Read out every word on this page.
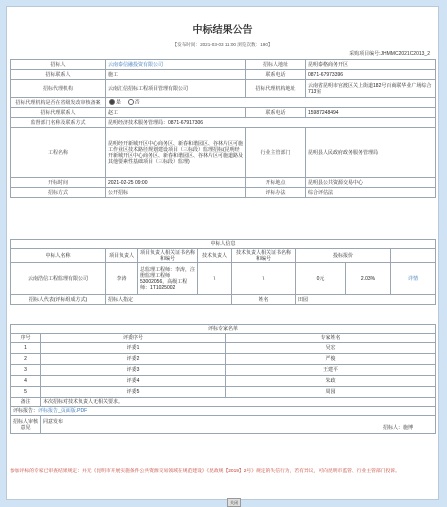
中标结果公告
【发布时间：2021-03-03 11:00 浏览次数：190】
采购项目编号:JHMMC2021C2013_2
招标人	云南泰信融投资有限公司	招标人地址	昆明泰格商务开区
招标联系人	施工	联系电话	0871-67973396
招标代理机构	云南汇信招标工程项目管理有限公司	招标代理机构地址	云南省昆明市官渡区关上街道182号百商联华业广场综合713室
招标代理机构是否在省级发改审核备案	是 否		
招标代理联系人	赵工	联系电话	15987248494
监督部门名称及联系方式	昆明经济技术服务管理局：0871-67917306		
工程名称	昆明经开新城开区中心商务区、新春和谐园区、谷林片区可施工作业区技术路径规划建设项目（三标段）监理招标(昆明经开新城开区中心商务区、新春和谐园区、谷林片区可施道路及其他要素性基础项目（三标段）监理)	行业主管部门	昆明县人民政府政务服务管理局
开标时间	2021-02-25 09:00	开标地点	昆明县公共资源交易中心
招标方式	公开招标	评标办法	综合评估法
中标人信息							
中标人名称	项目负责人	项目负责人相关证书名称和编号	技术负责人	技术负责人相关证书名称和编号	投标报价		
云南浩信工程监理有限公司	李涛	总监理工程师：李涛，注册监理工程师 53002056，高级工程师：1T1025002	\	\	0元	2.03%	详情
招标人代表(评标组成方式)	招标人指定			姓名	田园		
评标专家名单		
序号	评委序号	专家姓名
1	评委1	吴宏
2	评委2	严俊
3	评委3	王建平
4	评委4	朱政
5	评委5	周园
备注	本次招标对技术负责人无相关要求。	
评标报告：评标报告_页面版.PDF		
招标人审核意见	同意发布
招标人：施博	
参加评标的专家已审查结果规定：并无《昆明市开展实施条件公共资源交易领域在规范建设》《昆政规【2019】2号》规定的失信行为，若有异议，可向昆明市监管、行业主管部门投诉。
关闭
